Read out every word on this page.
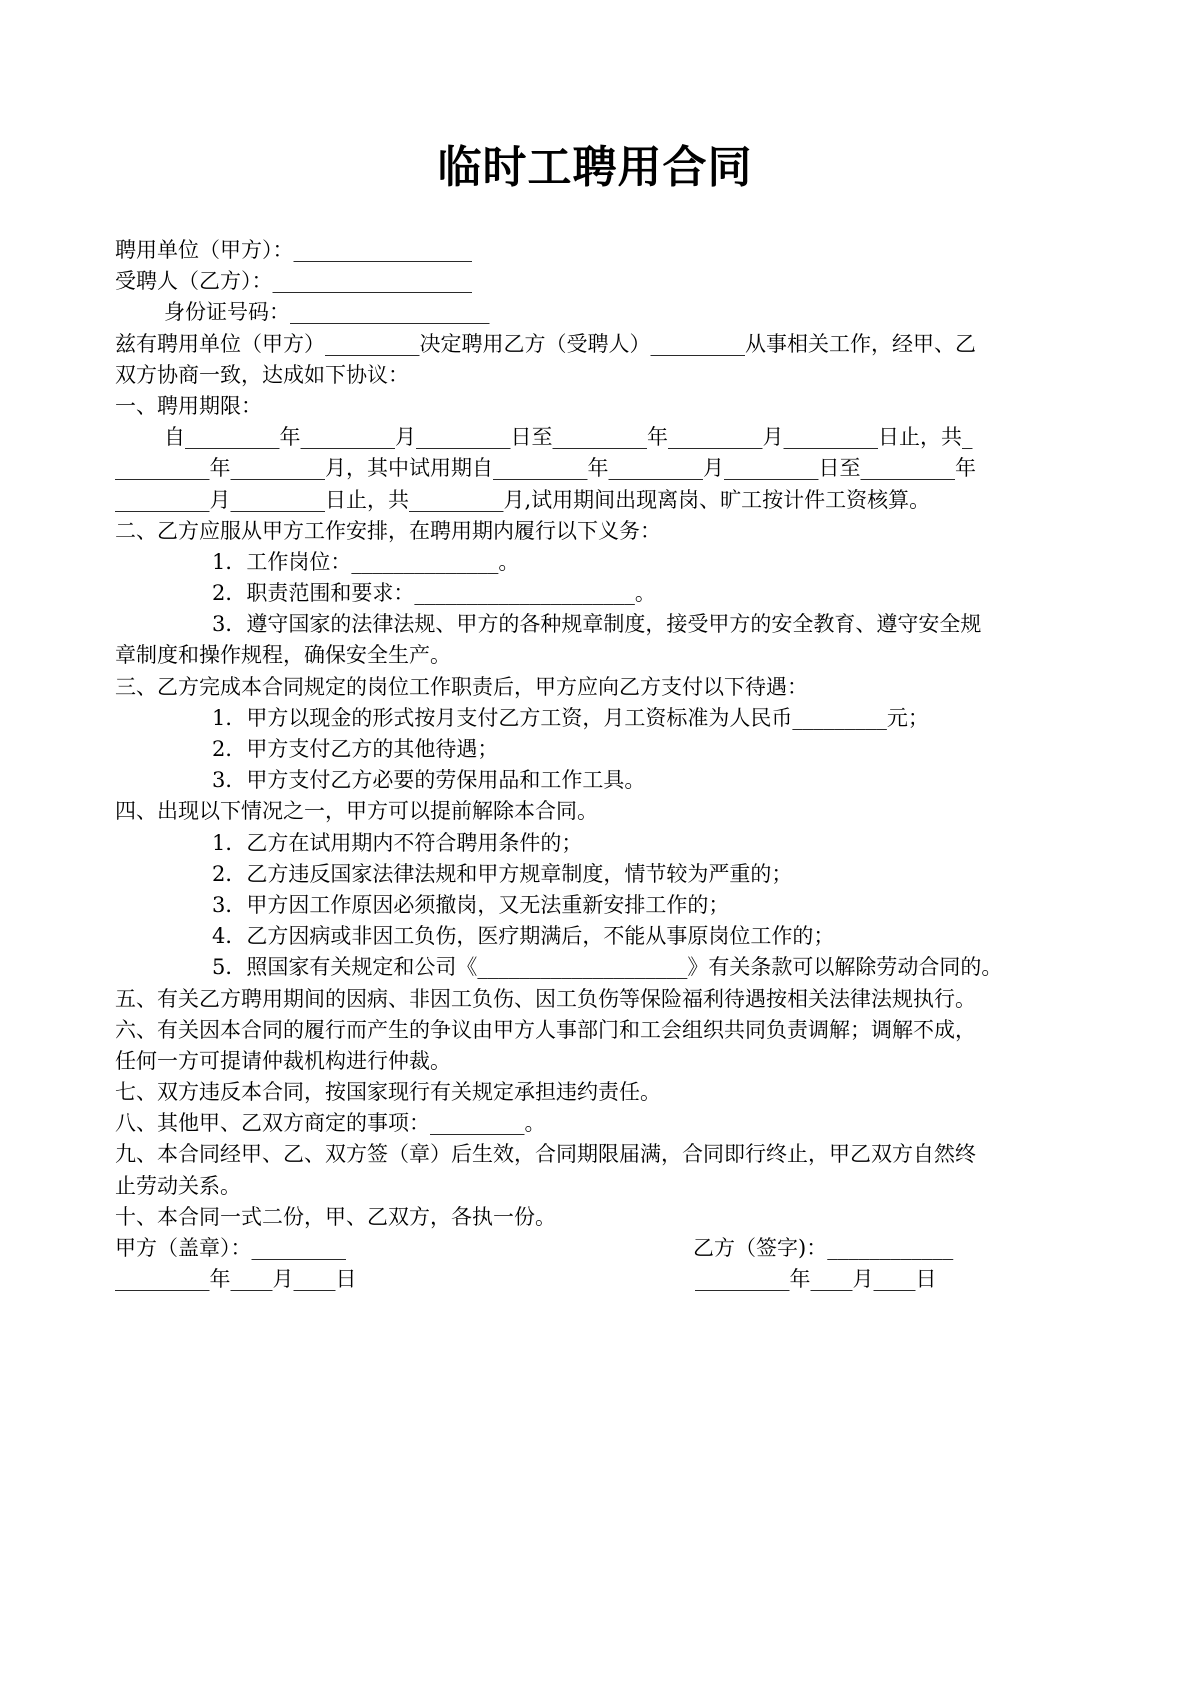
临时工聘用合同
聘用单位（甲方）：_________________
受聘人（乙方）：___________________
身份证号码：___________________
兹有聘用单位（甲方）_________决定聘用乙方（受聘人）_________从事相关工作，经甲、乙
双方协商一致，达成如下协议：
一、聘用期限：
自_________年_________月_________日至_________年_________月_________日止，共_
_________年_________月，其中试用期自_________年_________月_________日至_________年
_________月_________日止，共_________月,试用期间出现离岗、旷工按计件工资核算。
二、乙方应服从甲方工作安排，在聘用期内履行以下义务：
1．工作岗位：______________。
2．职责范围和要求：_____________________。
3．遵守国家的法律法规、甲方的各种规章制度，接受甲方的安全教育、遵守安全规
章制度和操作规程，确保安全生产。
三、乙方完成本合同规定的岗位工作职责后，甲方应向乙方支付以下待遇：
1．甲方以现金的形式按月支付乙方工资，月工资标准为人民币_________元；
2．甲方支付乙方的其他待遇；
3．甲方支付乙方必要的劳保用品和工作工具。
四、出现以下情况之一，甲方可以提前解除本合同。
1．乙方在试用期内不符合聘用条件的；
2．乙方违反国家法律法规和甲方规章制度，情节较为严重的；
3．甲方因工作原因必须撤岗，又无法重新安排工作的；
4．乙方因病或非因工负伤，医疗期满后，不能从事原岗位工作的；
5．照国家有关规定和公司《____________________》有关条款可以解除劳动合同的。
五、有关乙方聘用期间的因病、非因工负伤、因工负伤等保险福利待遇按相关法律法规执行。
六、有关因本合同的履行而产生的争议由甲方人事部门和工会组织共同负责调解；调解不成，
任何一方可提请仲裁机构进行仲裁。
七、双方违反本合同，按国家现行有关规定承担违约责任。
八、其他甲、乙双方商定的事项：_________。
九、本合同经甲、乙、双方签（章）后生效，合同期限届满，合同即行终止，甲乙双方自然终
止劳动关系。
十、本合同一式二份，甲、乙双方，各执一份。

甲方（盖章）：_________

	乙方（签字)：____________

_________年____月____日

	_________年____月____日
